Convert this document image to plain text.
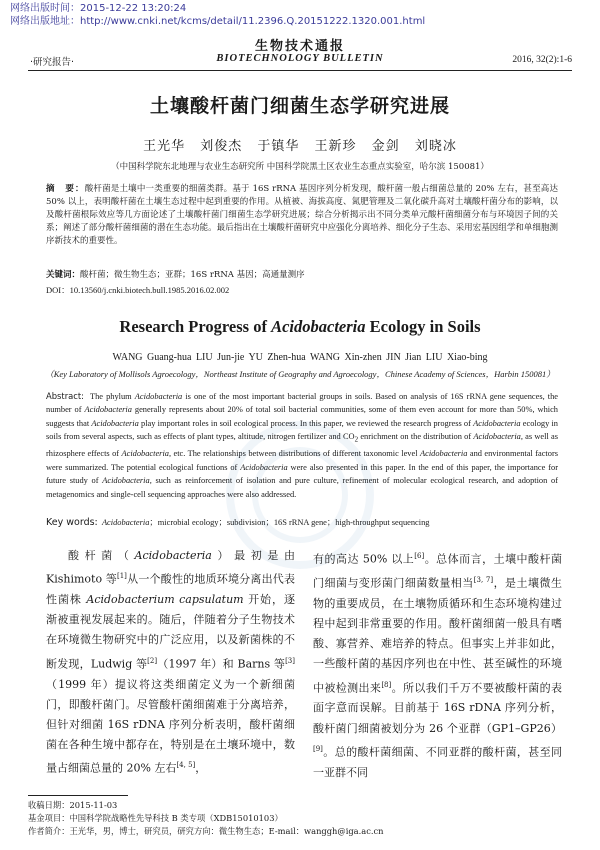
网络出版时间：2015-12-22 13:20:24
网络出版地址：http://www.cnki.net/kcms/detail/11.2396.Q.20151222.1320.001.html
生物技术通报
·研究报告·	BIOTECHNOLOGY BULLETIN	2016, 32(2):1-6
土壤酸杆菌门细菌生态学研究进展
王光华 刘俊杰 于镇华 王新珍 金剑 刘晓冰
（中国科学院东北地理与农业生态研究所 中国科学院黑土区农业生态重点实验室，哈尔滨 150081）
摘　要：酸杆菌是土壤中一类重要的细菌类群。基于 16S rRNA 基因序列分析发现，酸杆菌一般占细菌总量的 20% 左右，甚至高达 50% 以上，表明酸杆菌在土壤生态过程中起到重要的作用。从植被、海拔高度、氮肥管理及二氧化碳升高对土壤酸杆菌分布的影响，以及酸杆菌根际效应等几方面论述了土壤酸杆菌门细菌生态学研究进展；综合分析揭示出不同分类单元酸杆菌细菌分布与环境因子间的关系；阐述了部分酸杆菌细菌的潜在生态功能。最后指出在土壤酸杆菌研究中应强化分离培养、细化分子生态、采用宏基因组学和单细胞测序新技术的重要性。
关键词：酸杆菌；微生物生态；亚群；16S rRNA 基因；高通量测序
DOI：10.13560/j.cnki.biotech.bull.1985.2016.02.002
Research Progress of Acidobacteria Ecology in Soils
WANG Guang-hua LIU Jun-jie YU Zhen-hua WANG Xin-zhen JIN Jian LIU Xiao-bing
（Key Laboratory of Mollisols Agroecology，Northeast Institute of Geography and Agroecology，Chinese Academy of Sciences，Harbin 150081）
Abstract: The phylum Acidobacteria is one of the most important bacterial groups in soils. Based on analysis of 16S rRNA gene sequences, the number of Acidobacteria generally represents about 20% of total soil bacterial communities, some of them even account for more than 50%, which suggests that Acidobacteria play important roles in soil ecological process. In this paper, we reviewed the research progress of Acidobacteria ecology in soils from several aspects, such as effects of plant types, altitude, nitrogen fertilizer and $CO_2$ enrichment on the distribution of Acidobacteria, as well as rhizosphere effects of Acidobacteria, etc. The relationships between distributions of different taxonomic level Acidobacteria and environmental factors were summarized. The potential ecological functions of Acidobacteria were also presented in this paper. In the end of this paper, the importance for future study of Acidobacteria, such as reinforcement of isolation and pure culture, refinement of molecular ecological research, and adoption of metagenomics and single-cell sequencing approaches were also addressed.
Key words: Acidobacteria；microbial ecology；subdivision；16S rRNA gene；high-throughput sequencing
酸杆菌（Acidobacteria）最初是由 Kishimoto 等[1]从一个酸性的地质环境分离出代表性菌株 Acidobacterium capsulatum 开始，逐渐被重视发展起来的。随后，伴随着分子生物技术在环境微生物研究中的广泛应用，以及新菌株的不断发现，Ludwig 等[2]（1997 年）和 Barns 等[3]（1999 年）提议将这类细菌定义为一个新细菌门，即酸杆菌门。尽管酸杆菌细菌难于分离培养，但针对细菌 16S rDNA 序列分析表明，酸杆菌细菌在各种生境中都存在，特别是在土壤环境中，数量占细菌总量的 20% 左右[4, 5]，
有的高达 50% 以上[6]。总体而言，土壤中酸杆菌门细菌与变形菌门细菌数量相当[3, 7]，是土壤微生物的重要成员，在土壤物质循环和生态环境构建过程中起到非常重要的作用。酸杆菌细菌一般具有嗜酸、寡营养、难培养的特点。但事实上并非如此，一些酸杆菌的基因序列也在中性、甚至碱性的环境中被检测出来[8]。所以我们千万不要被酸杆菌的表面字意而误解。目前基于 16S rDNA 序列分析，酸杆菌门细菌被划分为 26 个亚群（GP1–GP26）[9]。总的酸杆菌细菌、不同亚群的酸杆菌，甚至同一亚群不同
收稿日期：2015-11-03
基金项目：中国科学院战略性先导科技 B 类专项（XDB15010103）
作者简介：王光华，男，博士，研究员，研究方向：微生物生态；E-mail：wanggh@iga.ac.cn
